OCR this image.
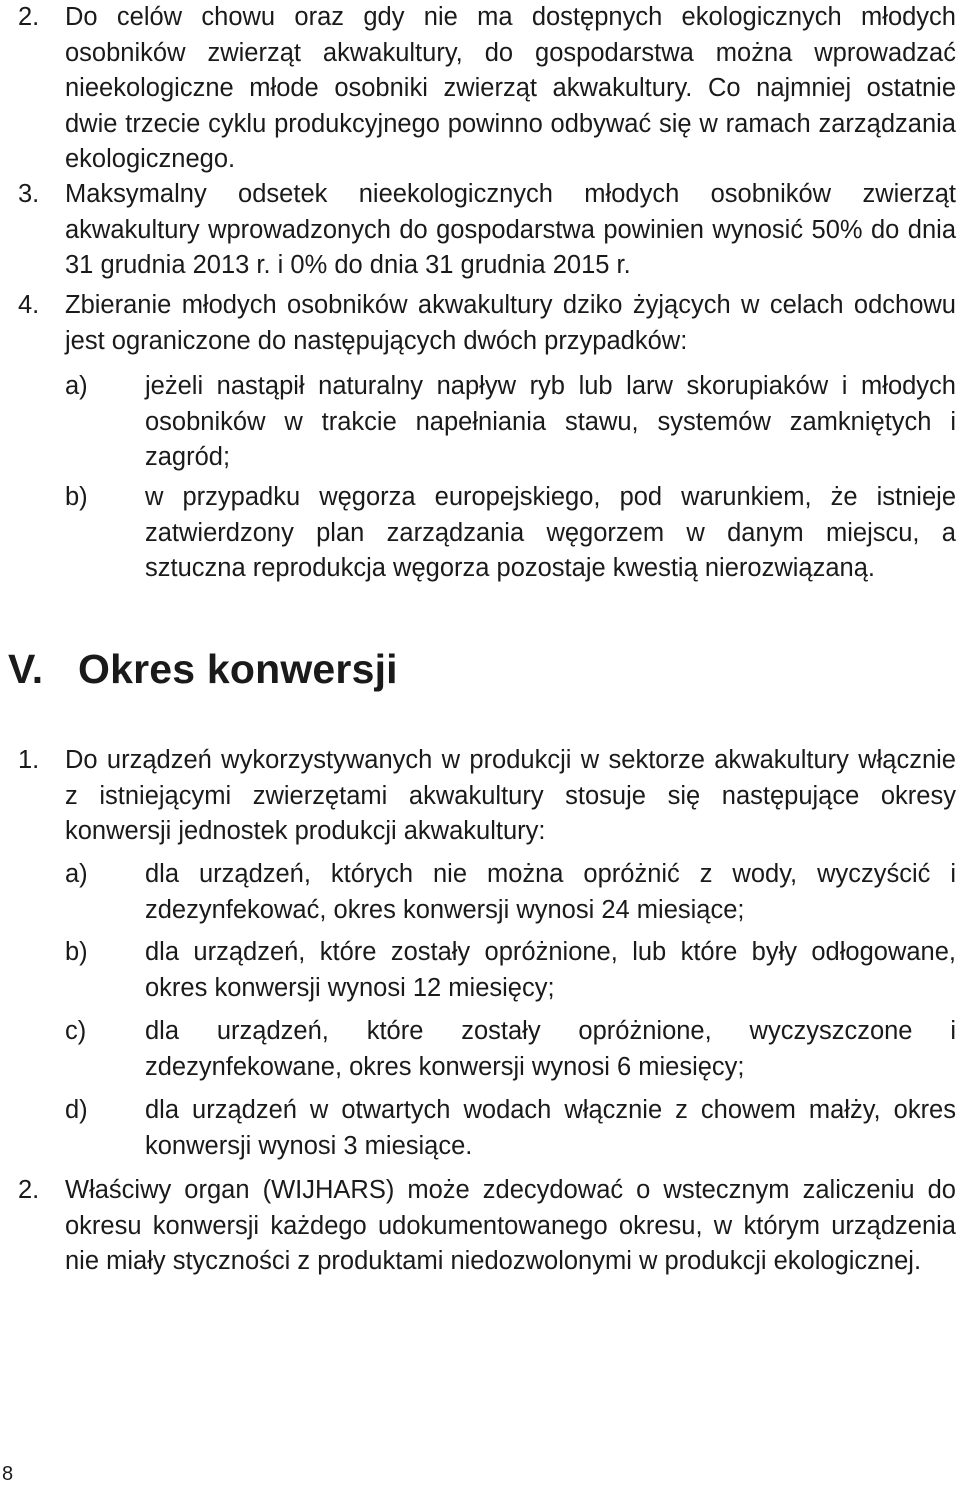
2.	Do celów chowu oraz gdy nie ma dostępnych ekologicznych młodych osobników zwierząt akwakultury, do gospodarstwa można wprowadzać nieekologiczne młode osobniki zwierząt akwakultury. Co najmniej ostatnie dwie trzecie cyklu produkcyjnego powinno odbywać się w ramach zarządzania ekologicznego.
3.	Maksymalny odsetek nieekologicznych młodych osobników zwierząt akwakultury wprowadzonych do gospodarstwa powinien wynosić 50% do dnia 31 grudnia 2013 r. i 0% do dnia 31 grudnia 2015 r.
4.	Zbieranie młodych osobników akwakultury dziko żyjących w celach odchowu jest ograniczone do następujących dwóch przypadków:
a)	jeżeli nastąpił naturalny napływ ryb lub larw skorupiaków i młodych osobników w trakcie napełniania stawu, systemów zamkniętych i zagród;
b)	w przypadku węgorza europejskiego, pod warunkiem, że istnieje zatwierdzony plan zarządzania węgorzem w danym miejscu, a sztuczna reprodukcja węgorza pozostaje kwestią nierozwiązaną.
V. Okres konwersji
1.	Do urządzeń wykorzystywanych w produkcji w sektorze akwakultury włącznie z istniejącymi zwierzętami akwakultury stosuje się następujące okresy konwersji jednostek produkcji akwakultury:
a)	dla urządzeń, których nie można opróżnić z wody, wyczyścić i zdezynfekować, okres konwersji wynosi 24 miesiące;
b)	dla urządzeń, które zostały opróżnione, lub które były odłogowane, okres konwersji wynosi 12 miesięcy;
c)	dla urządzeń, które zostały opróżnione, wyczyszczone i zdezynfekowane, okres konwersji wynosi 6 miesięcy;
d)	dla urządzeń w otwartych wodach włącznie z chowem małży, okres konwersji wynosi 3 miesiące.
2.	Właściwy organ (WIJHARS) może zdecydować o wstecznym zaliczeniu do okresu konwersji każdego udokumentowanego okresu, w którym urządzenia nie miały styczności z produktami niedozwolonymi w produkcji ekologicznej.
8
